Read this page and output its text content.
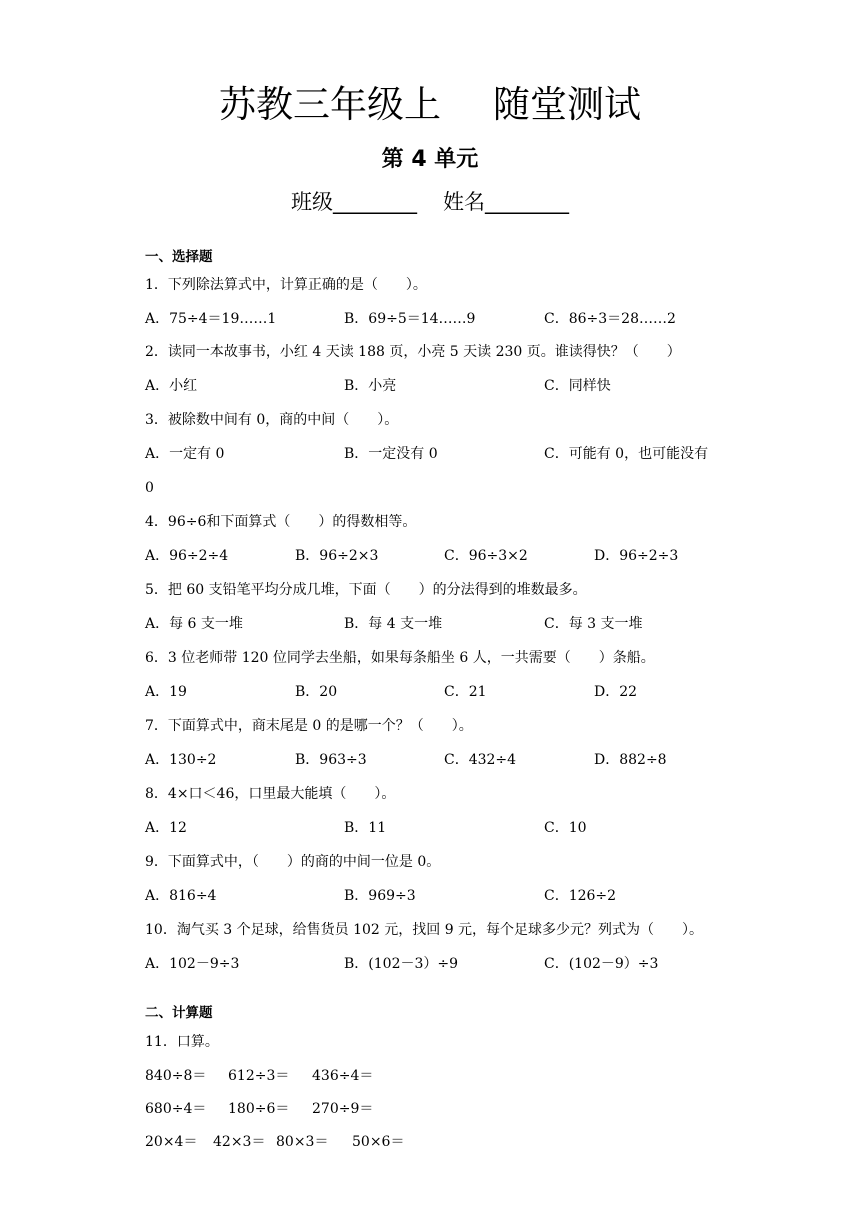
苏教三年级上 随堂测试
第 4 单元
班级________ 姓名________
一、选择题
1．下列除法算式中，计算正确的是（　　）。
A．75÷4＝19……1	B．69÷5＝14……9	C．86÷3＝28……2
2．读同一本故事书，小红 4 天读 188 页，小亮 5 天读 230 页。谁读得快？（　　）
A．小红	B．小亮	C．同样快
3．被除数中间有 0，商的中间（　　）。
A．一定有 0	B．一定没有 0	C．可能有 0，也可能没有
0
4．96÷6和下面算式（　　）的得数相等。
A．96÷2÷4	B．96÷2×3	C．96÷3×2	D．96÷2÷3
5．把 60 支铅笔平均分成几堆，下面（　　）的分法得到的堆数最多。
A．每 6 支一堆	B．每 4 支一堆	C．每 3 支一堆
6．3 位老师带 120 位同学去坐船，如果每条船坐 6 人，一共需要（　　）条船。
A．19	B．20	C．21	D．22
7．下面算式中，商末尾是 0 的是哪一个？（　　）。
A．130÷2	B．963÷3	C．432÷4	D．882÷8
8．4×口＜46，口里最大能填（　　）。
A．12	B．11	C．10
9．下面算式中，（　　）的商的中间一位是 0。
A．816÷4	B．969÷3	C．126÷2
10．淘气买 3 个足球，给售货员 102 元，找回 9 元，每个足球多少元？列式为（　　）。
A．102－9÷3	B．(102－3）÷9	C．(102－9）÷3
二、计算题
11．口算。
840÷8＝ 612÷3＝ 436÷4＝
680÷4＝ 180÷6＝ 270÷9＝
20×4＝ 42×3＝ 80×3＝ 50×6＝
